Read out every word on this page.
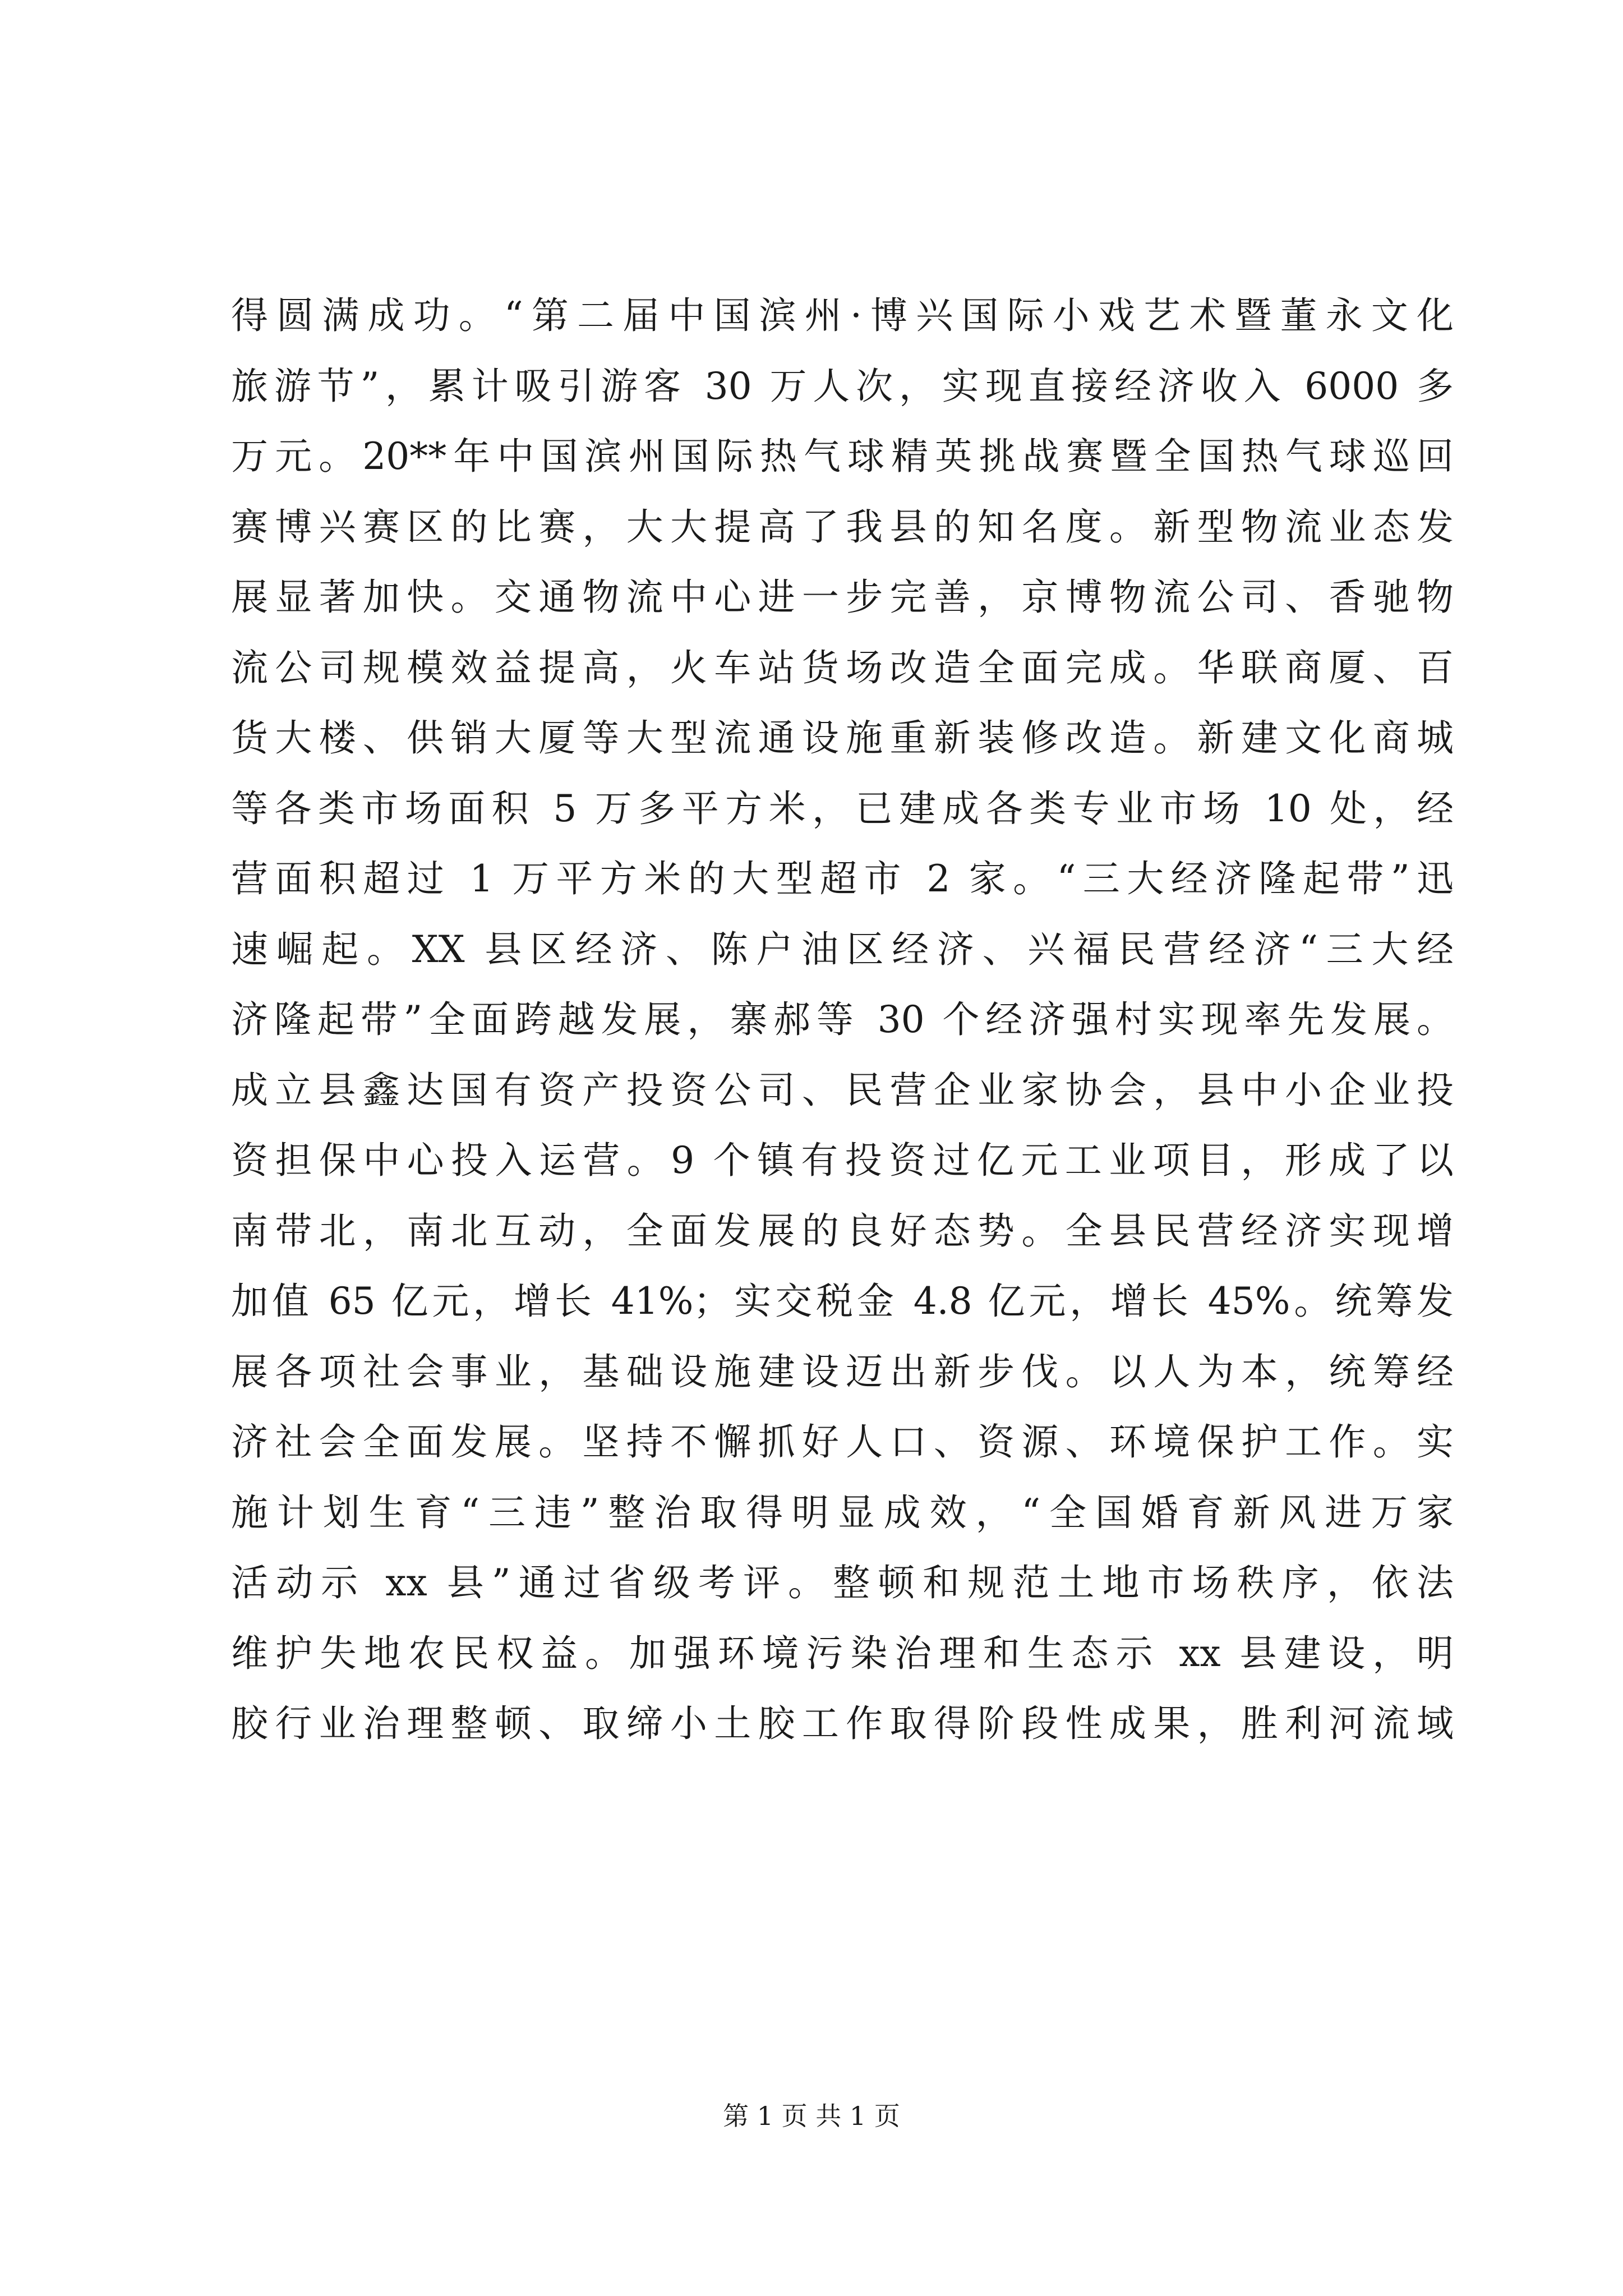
得圆满成功。“第二届中国滨州·博兴国际小戏艺术暨董永文化
旅游节”，累计吸引游客 30 万人次，实现直接经济收入 6000 多
万元。20**年中国滨州国际热气球精英挑战赛暨全国热气球巡回
赛博兴赛区的比赛，大大提高了我县的知名度。新型物流业态发
展显著加快。交通物流中心进一步完善，京博物流公司、香驰物
流公司规模效益提高，火车站货场改造全面完成。华联商厦、百
货大楼、供销大厦等大型流通设施重新装修改造。新建文化商城
等各类市场面积 5 万多平方米，已建成各类专业市场 10 处，经
营面积超过 1 万平方米的大型超市 2 家。“三大经济隆起带”迅
速崛起。XX 县区经济、陈户油区经济、兴福民营经济“三大经
济隆起带”全面跨越发展，寨郝等 30 个经济强村实现率先发展。
成立县鑫达国有资产投资公司、民营企业家协会，县中小企业投
资担保中心投入运营。9 个镇有投资过亿元工业项目，形成了以
南带北，南北互动，全面发展的良好态势。全县民营经济实现增
加值 65 亿元，增长 41%；实交税金 4.8 亿元，增长 45%。统筹发
展各项社会事业，基础设施建设迈出新步伐。以人为本，统筹经
济社会全面发展。坚持不懈抓好人口、资源、环境保护工作。实
施计划生育“三违”整治取得明显成效，“全国婚育新风进万家
活动示 xx 县”通过省级考评。整顿和规范土地市场秩序，依法
维护失地农民权益。加强环境污染治理和生态示 xx 县建设，明
胶行业治理整顿、取缔小土胶工作取得阶段性成果，胜利河流域
第 1 页 共 1 页
